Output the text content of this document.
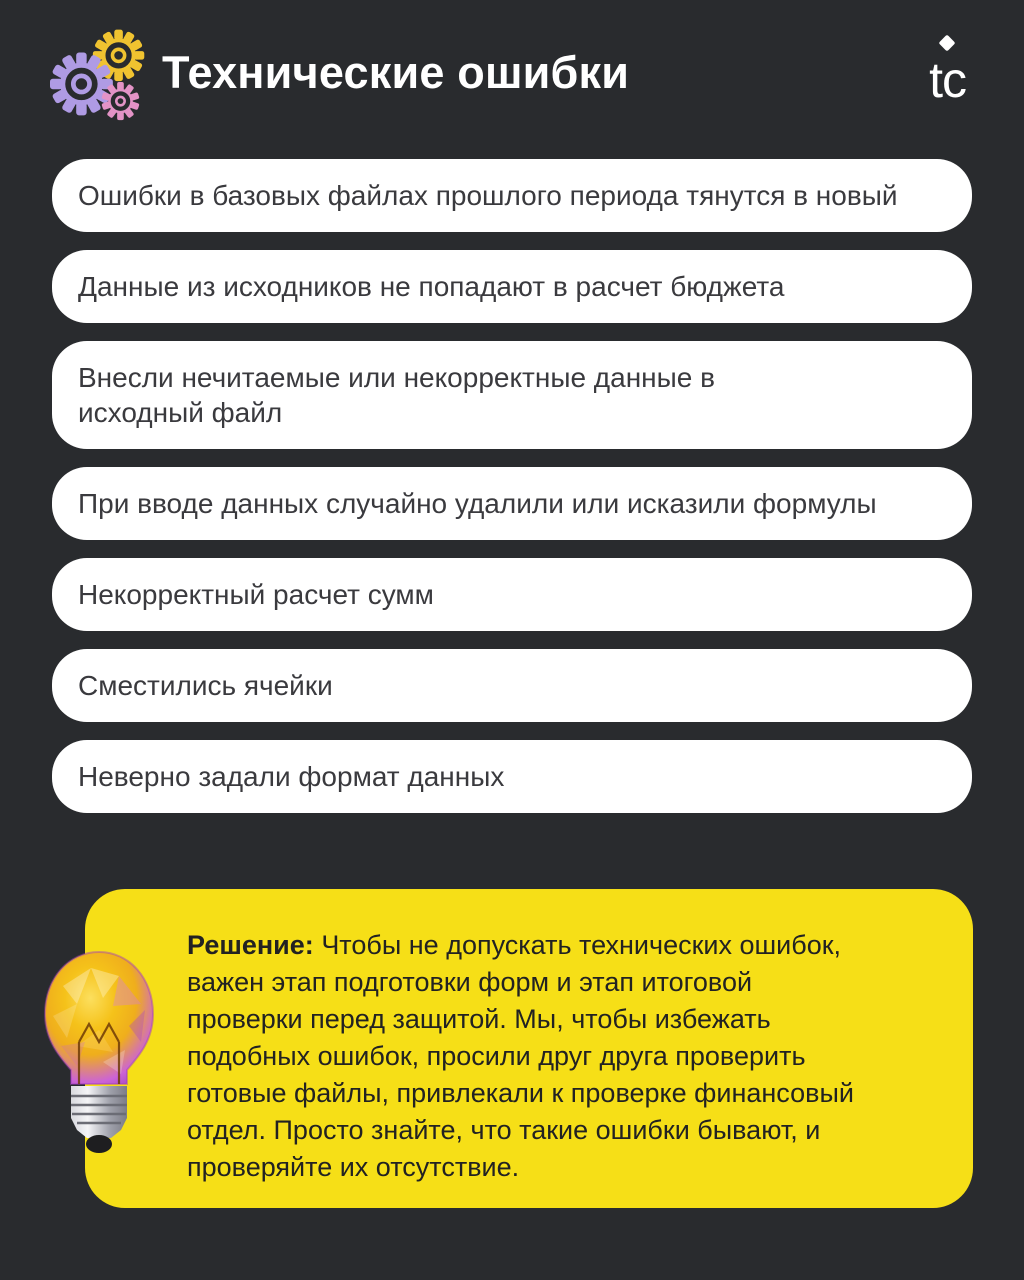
Технические ошибки	tc
Ошибки в базовых файлах прошлого периода тянутся в новый
Данные из исходников не попадают в расчет бюджета
Внесли нечитаемые или некорректные данные в исходный файл
При вводе данных случайно удалили или исказили формулы
Некорректный расчет сумм
Сместились ячейки
Неверно задали формат данных
Решение: Чтобы не допускать технических ошибок, важен этап подготовки форм и этап итоговой проверки перед защитой. Мы, чтобы избежать подобных ошибок, просили друг друга проверить готовые файлы, привлекали к проверке финансовый отдел. Просто знайте, что такие ошибки бывают, и проверяйте их отсутствие.
